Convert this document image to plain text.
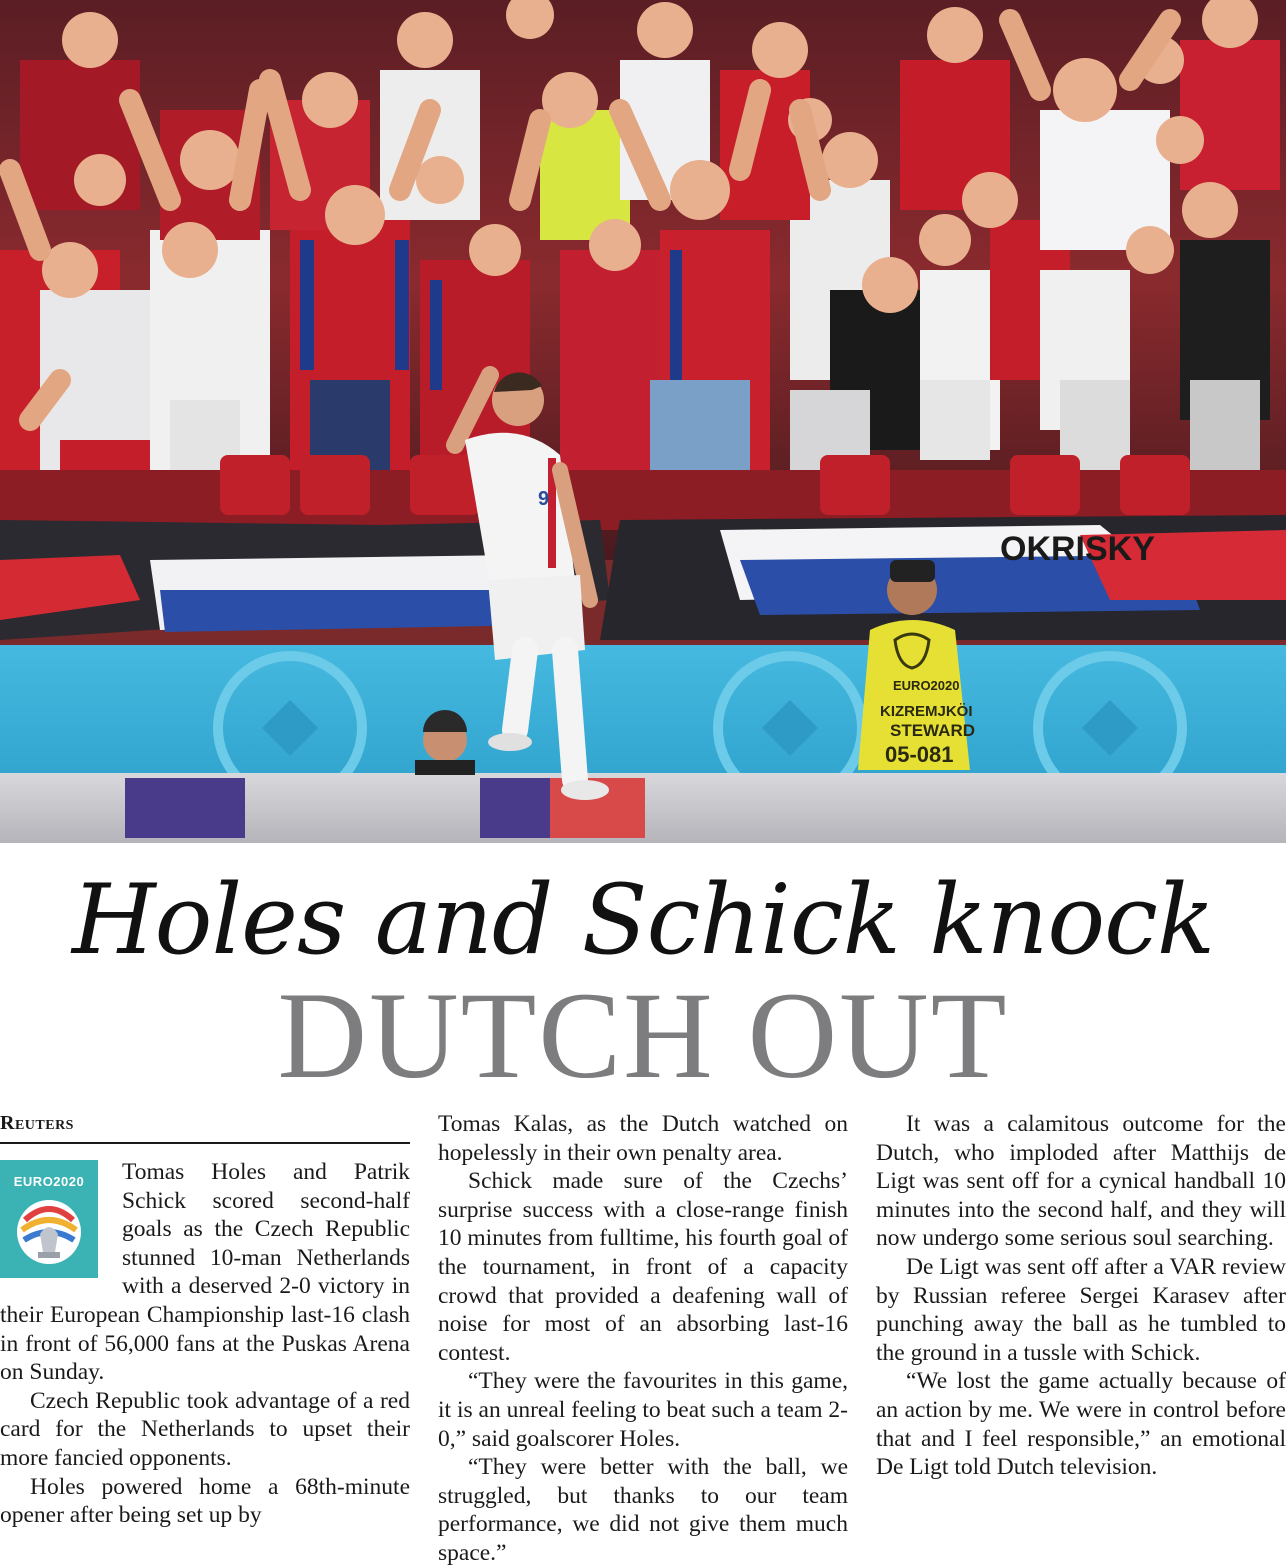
OKRISKY
EURO2020
KIZREMJKÖI
STEWARD
05-081
9
Holes and Schick knock
DUTCH OUT
Reuters
EURO2020	Tomas Holes and Patrik Schick scored second-half goals as the Czech Republic stunned 10-man Netherlands with a deserved 2-0 victory in their European Championship last-16 clash in front of 56,000 fans at the Puskas Arena on Sunday.

Czech Republic took advantage of a red card for the Netherlands to upset their more fancied opponents.

Holes powered home a 68th-minute opener after being set up by

Tomas Kalas, as the Dutch watched on hopelessly in their own penalty area.

Schick made sure of the Czechs’ surprise success with a close-range finish 10 minutes from fulltime, his fourth goal of the tournament, in front of a capacity crowd that provided a deafening wall of noise for most of an absorbing last-16 contest.

“They were the favourites in this game, it is an unreal feeling to beat such a team 2-0,” said goalscorer Holes.

“They were better with the ball, we struggled, but thanks to our team performance, we did not give them much space.”

It was a calamitous outcome for the Dutch, who imploded after Matthijs de Ligt was sent off for a cynical handball 10 minutes into the second half, and they will now undergo some serious soul searching.

De Ligt was sent off after a VAR review by Russian referee Sergei Karasev after punching away the ball as he tumbled to the ground in a tussle with Schick.

“We lost the game actually because of an action by me. We were in control before that and I feel responsible,” an emotional De Ligt told Dutch television.
